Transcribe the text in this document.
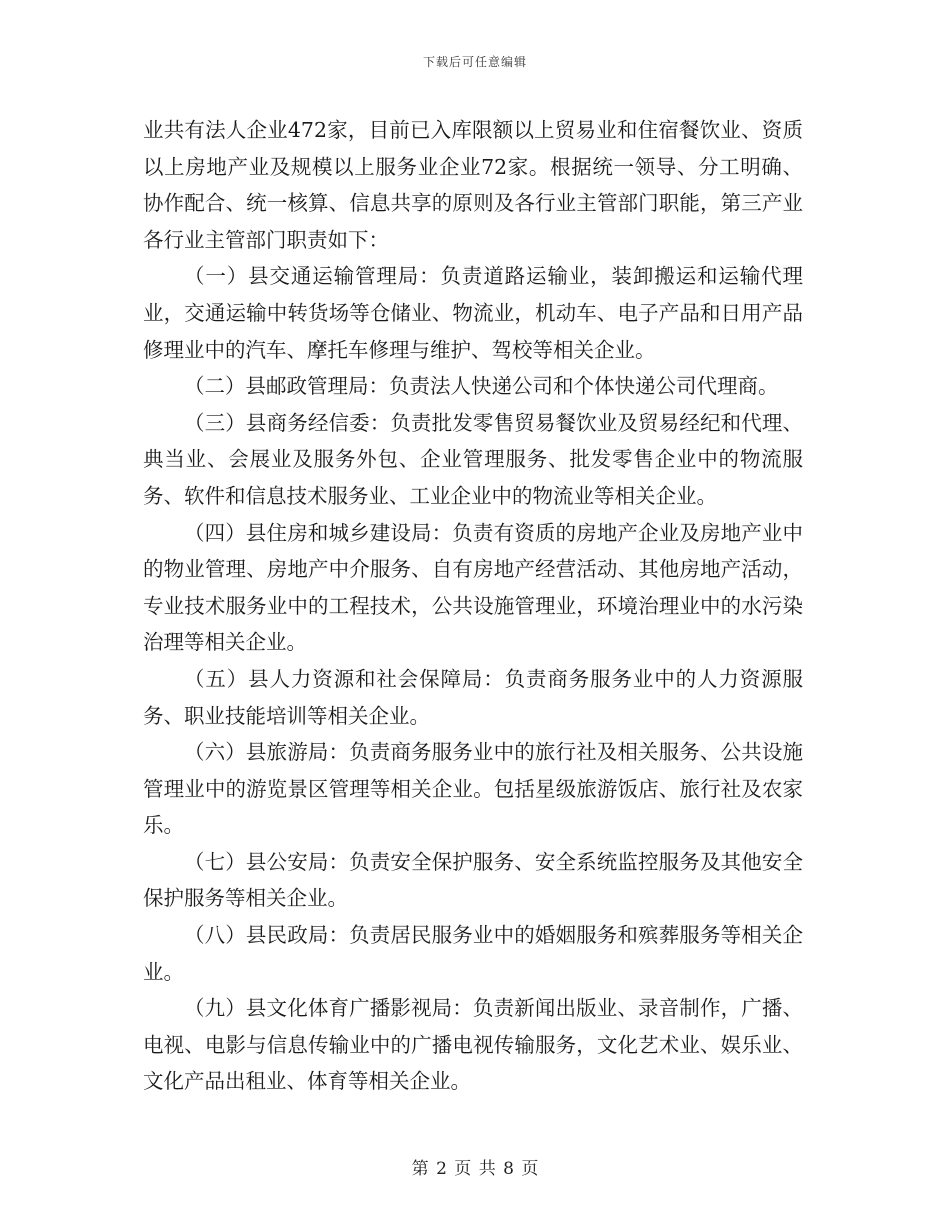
下载后可任意编辑

业共有法人企业472家，目前已入库限额以上贸易业和住宿餐饮业、资质以上房地产业及规模以上服务业企业72家。根据统一领导、分工明确、协作配合、统一核算、信息共享的原则及各行业主管部门职能，第三产业各行业主管部门职责如下：

（一）县交通运输管理局：负责道路运输业，装卸搬运和运输代理业，交通运输中转货场等仓储业、物流业，机动车、电子产品和日用产品修理业中的汽车、摩托车修理与维护、驾校等相关企业。

（二）县邮政管理局：负责法人快递公司和个体快递公司代理商。

（三）县商务经信委：负责批发零售贸易餐饮业及贸易经纪和代理、典当业、会展业及服务外包、企业管理服务、批发零售企业中的物流服务、软件和信息技术服务业、工业企业中的物流业等相关企业。

（四）县住房和城乡建设局：负责有资质的房地产企业及房地产业中的物业管理、房地产中介服务、自有房地产经营活动、其他房地产活动，专业技术服务业中的工程技术，公共设施管理业，环境治理业中的水污染治理等相关企业。

（五）县人力资源和社会保障局：负责商务服务业中的人力资源服务、职业技能培训等相关企业。

（六）县旅游局：负责商务服务业中的旅行社及相关服务、公共设施管理业中的游览景区管理等相关企业。包括星级旅游饭店、旅行社及农家乐。

（七）县公安局：负责安全保护服务、安全系统监控服务及其他安全保护服务等相关企业。

（八）县民政局：负责居民服务业中的婚姻服务和殡葬服务等相关企业。

（九）县文化体育广播影视局：负责新闻出版业、录音制作，广播、电视、电影与信息传输业中的广播电视传输服务，文化艺术业、娱乐业、文化产品出租业、体育等相关企业。

第 2 页 共 8 页
